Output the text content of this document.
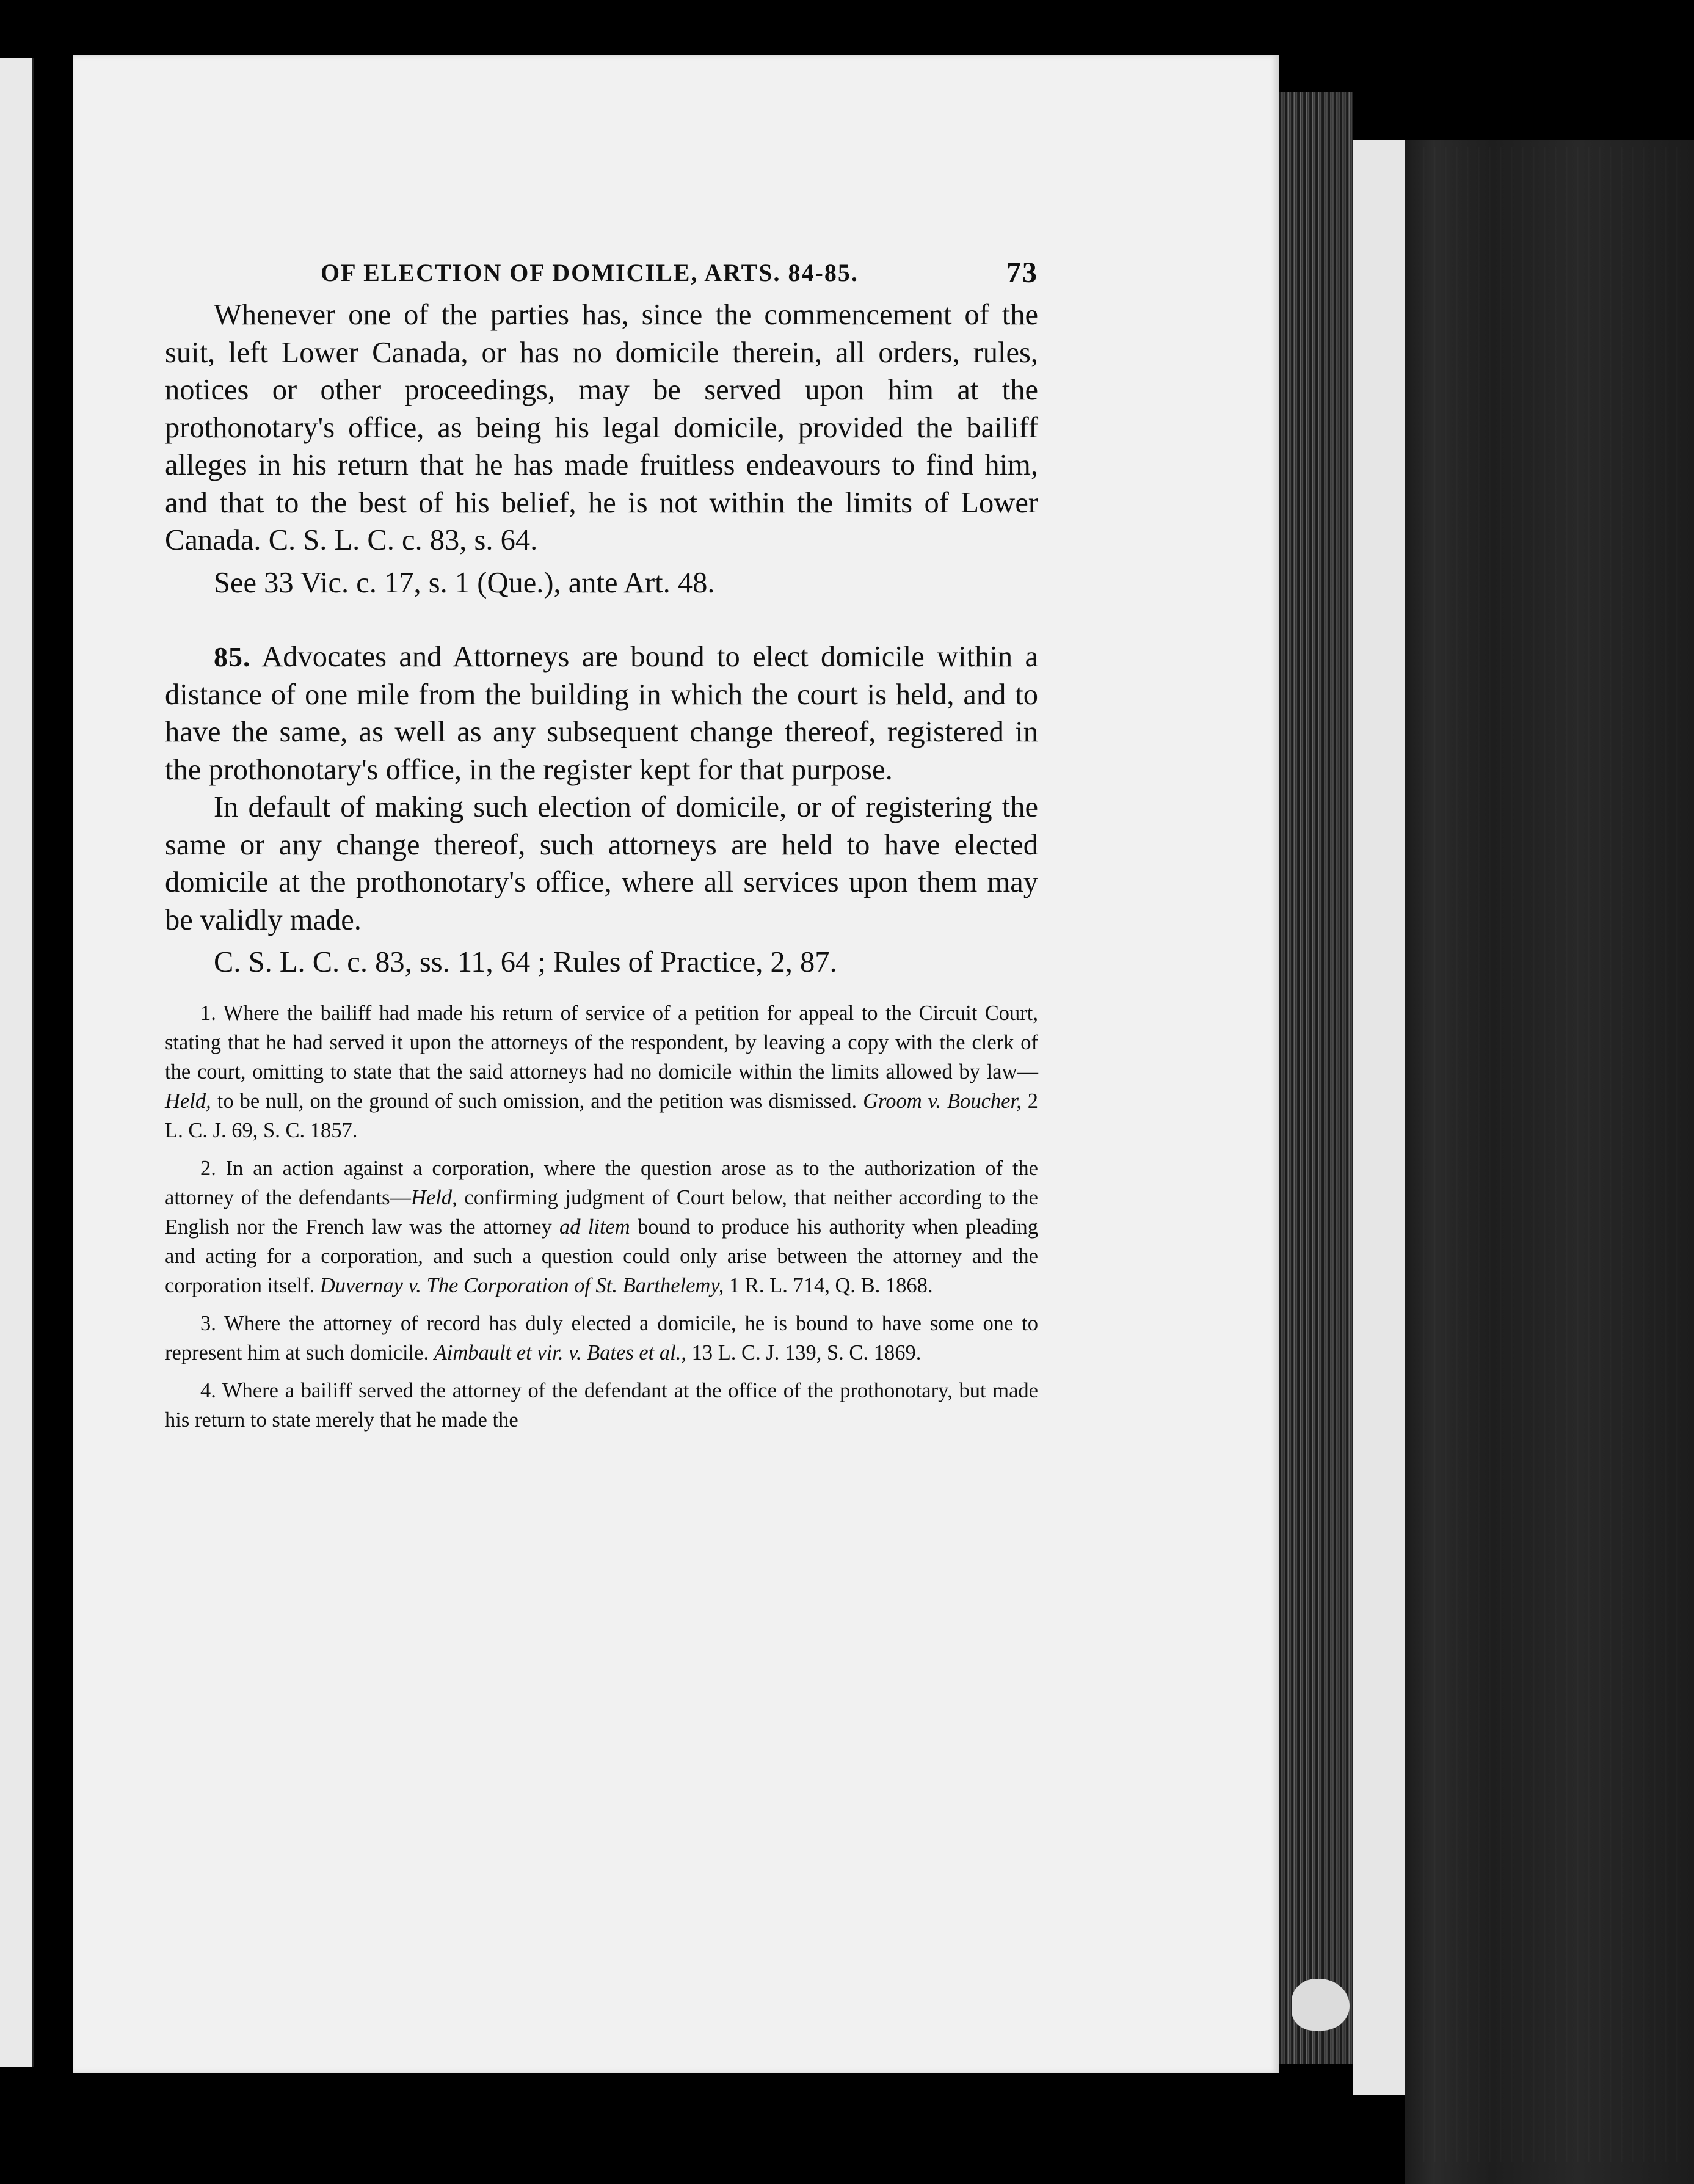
OF ELECTION OF DOMICILE, ARTS. 84-85.	73

Whenever one of the parties has, since the commencement of the suit, left Lower Canada, or has no domicile therein, all orders, rules, notices or other proceedings, may be served upon him at the prothonotary's office, as being his legal domicile, provided the bailiff alleges in his return that he has made fruitless endeavours to find him, and that to the best of his belief, he is not within the limits of Lower Canada. C. S. L. C. c. 83, s. 64.

See 33 Vic. c. 17, s. 1 (Que.), ante Art. 48.

85. Advocates and Attorneys are bound to elect domicile within a distance of one mile from the building in which the court is held, and to have the same, as well as any subsequent change thereof, registered in the prothonotary's office, in the register kept for that purpose.

In default of making such election of domicile, or of registering the same or any change thereof, such attorneys are held to have elected domicile at the prothonotary's office, where all services upon them may be validly made.

C. S. L. C. c. 83, ss. 11, 64 ; Rules of Practice, 2, 87.

1. Where the bailiff had made his return of service of a petition for appeal to the Circuit Court, stating that he had served it upon the attorneys of the respondent, by leaving a copy with the clerk of the court, omitting to state that the said attorneys had no domicile within the limits allowed by law—Held, to be null, on the ground of such omission, and the petition was dismissed. Groom v. Boucher, 2 L. C. J. 69, S. C. 1857.

2. In an action against a corporation, where the question arose as to the authorization of the attorney of the defendants—Held, confirming judgment of Court below, that neither according to the English nor the French law was the attorney ad litem bound to produce his authority when pleading and acting for a corporation, and such a question could only arise between the attorney and the corporation itself. Duvernay v. The Corporation of St. Barthelemy, 1 R. L. 714, Q. B. 1868.

3. Where the attorney of record has duly elected a domicile, he is bound to have some one to represent him at such domicile. Aimbault et vir. v. Bates et al., 13 L. C. J. 139, S. C. 1869.

4. Where a bailiff served the attorney of the defendant at the office of the prothonotary, but made his return to state merely that he made the
